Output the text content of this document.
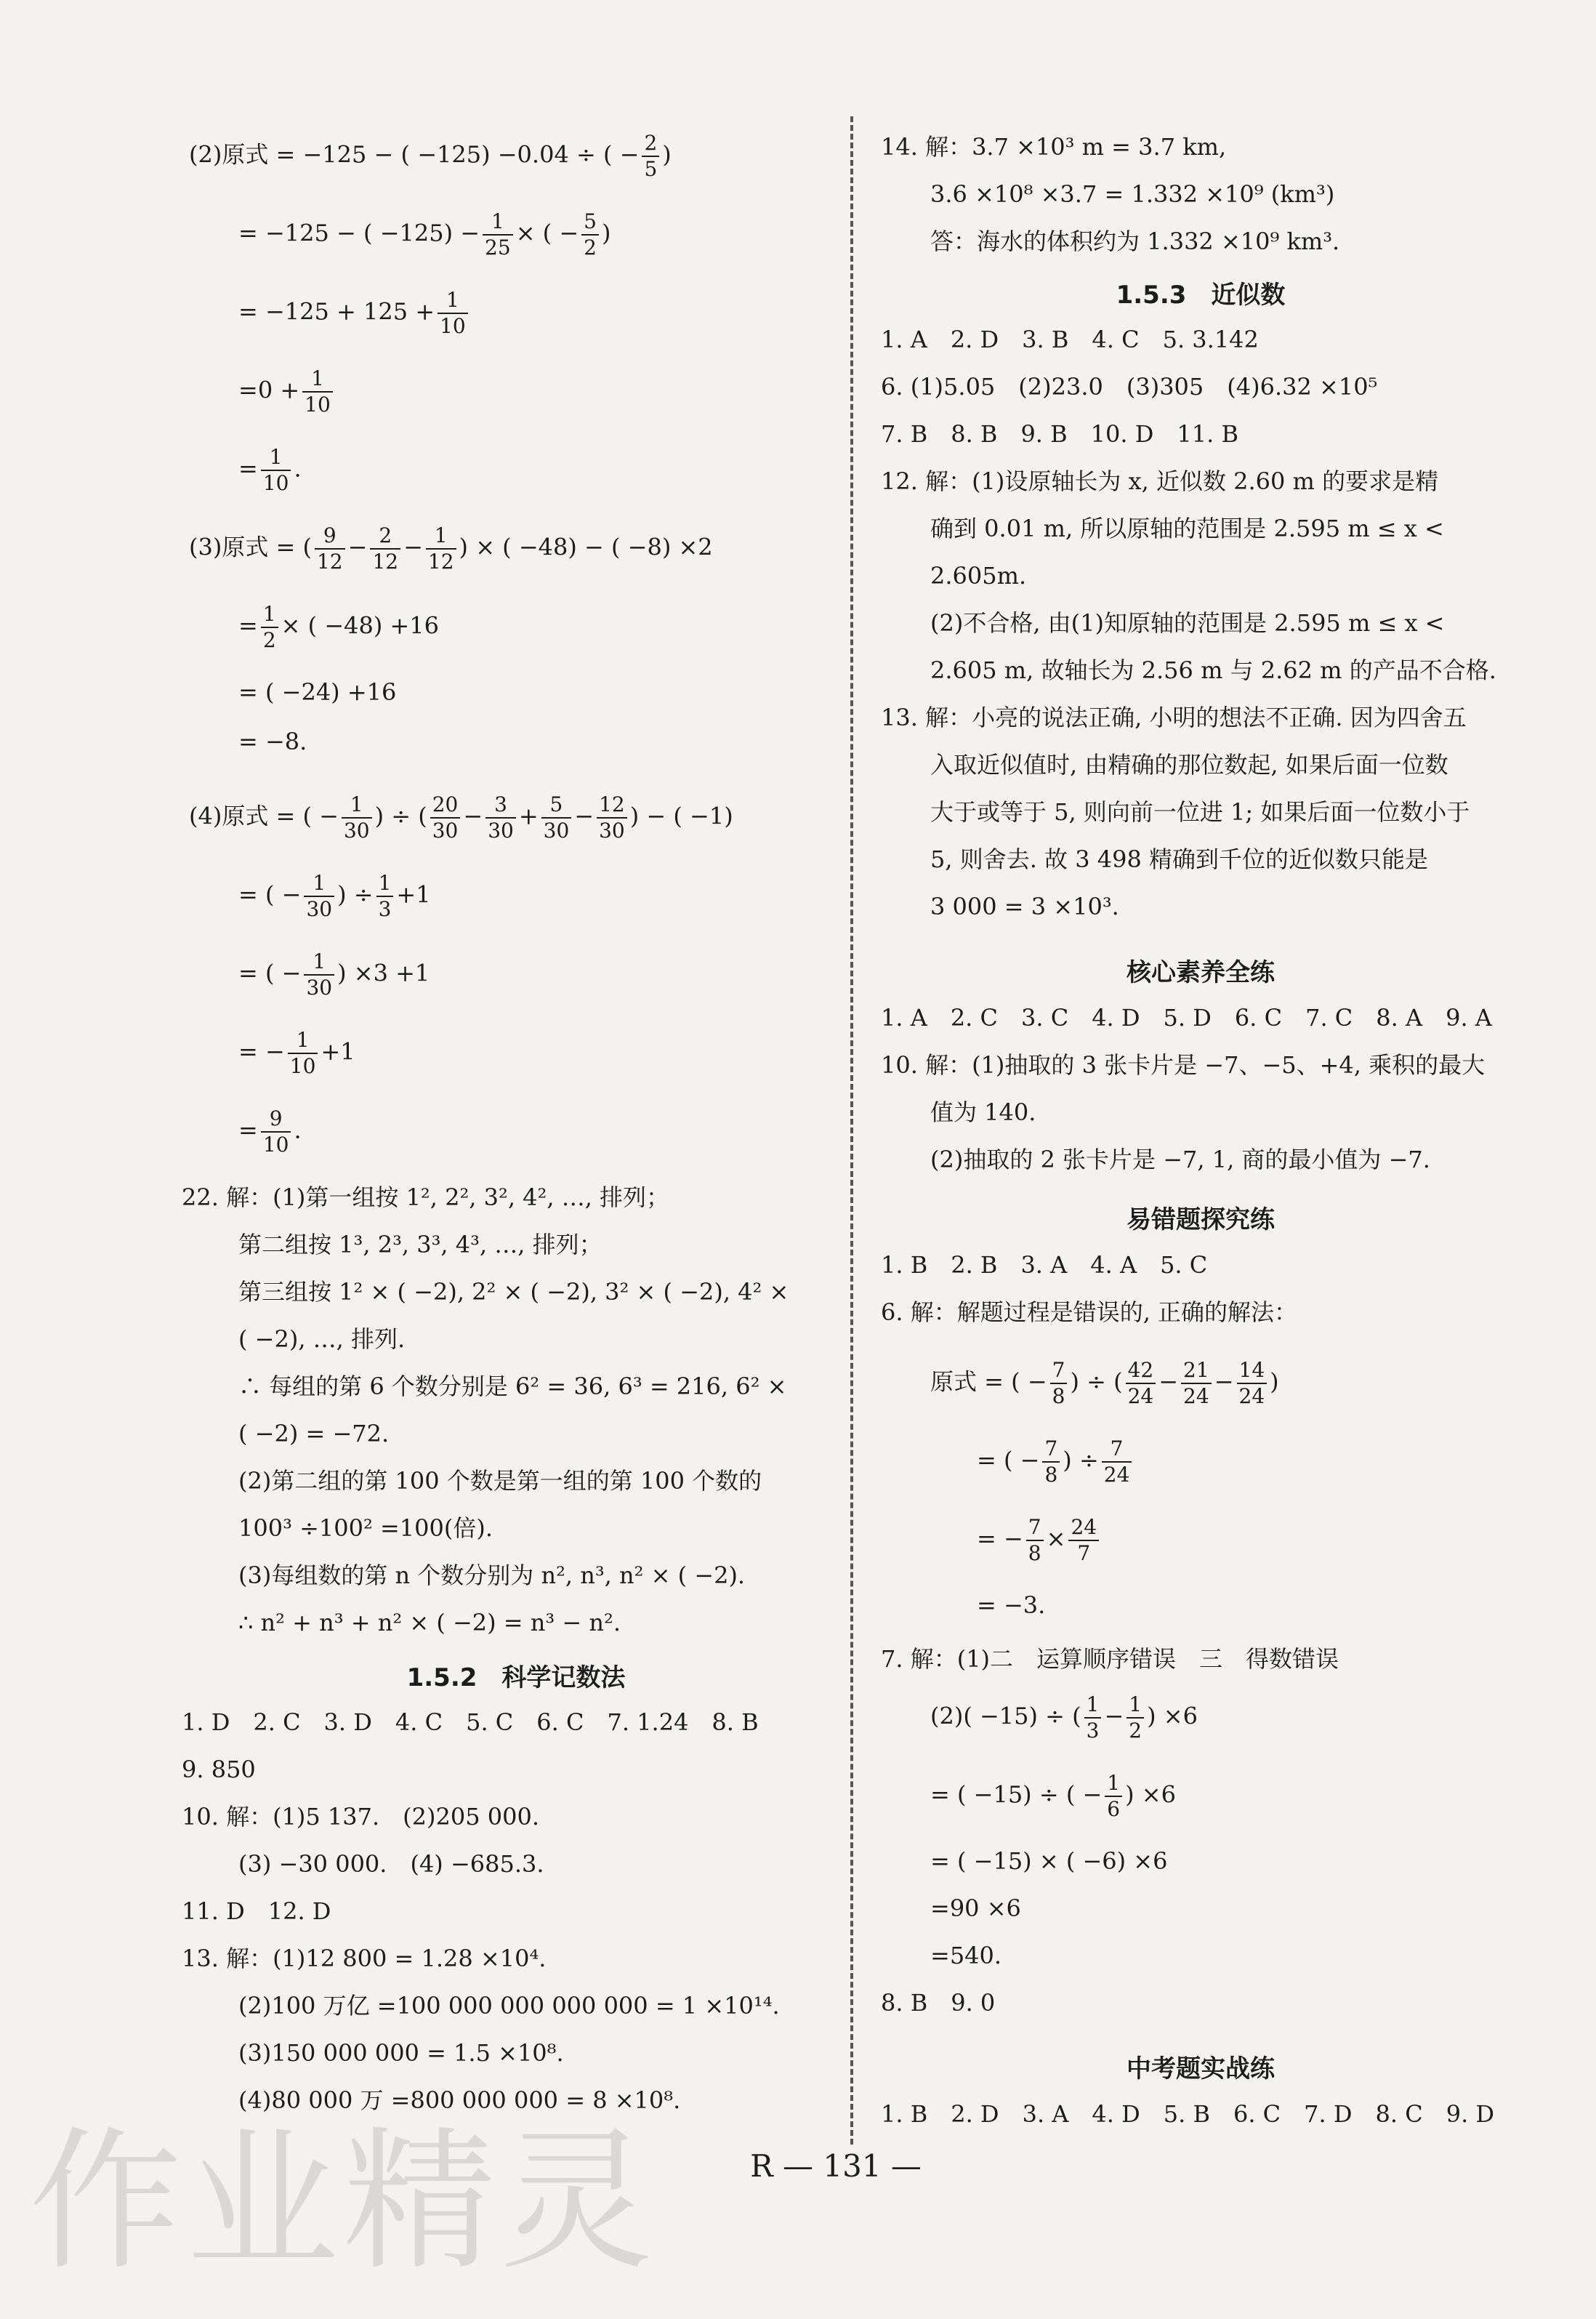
(2)原式 = −125 − ( −125) −0.04 ÷ ( − $\frac{2}{5}$ )
= −125 − ( $-125) - \frac{1}{25}$ × ( − $\frac{5}{2}$ )
= $-125 + 125 + \frac{1}{10}$
$=0 + \frac{1}{10}$
= $\frac{1}{10}$ .
(3)原式 = ( $\frac{9}{12} - \frac{2}{12} - \frac{1}{12}$ ) × ( −48) − ( −8) ×2
= $\frac{1}{2}$ × ( −48) +16
= ( −24) +16
= −8.
(4)原式 = ( − $\frac{1}{30}$ ) ÷ ( $\frac{20}{30} - \frac{3}{30} + \frac{5}{30} - \frac{12}{30}$ ) − ( −1)
= ( − $\frac{1}{30}$ ) ÷ $\frac{1}{3} +1$
= ( − $\frac{1}{30}$ ) ×3 +1
= − $\frac{1}{10} +1$
= $\frac{9}{10}$ .
22. 解：(1)第一组按 1², 2², 3², 4², …, 排列；
第二组按 1³, 2³, 3³, 4³, …, 排列；
第三组按 1² × ( −2), 2² × ( −2), 3² × ( −2), 4² ×
( −2), …, 排列.
∴ 每组的第 6 个数分别是 6² = 36, 6³ = 216, 6² ×
( −2) = −72.
(2)第二组的第 100 个数是第一组的第 100 个数的
100³ ÷100² =100(倍).
(3)每组数的第 n 个数分别为 n², n³, n² × ( −2).
∴ n² + n³ + n² × ( −2) = n³ − n².
1.5.2　科学记数法
1. D　2. C　3. D　4. C　5. C　6. C　7. 1.24　8. B
9. 850
10. 解：(1)5 137.　(2)205 000.
(3) −30 000.　(4) −685.3.
11. D　12. D
13. 解：(1)12 800 = 1.28 ×10⁴.
(2)100 万亿 =100 000 000 000 000 = 1 ×10¹⁴.
(3)150 000 000 = 1.5 ×10⁸.
(4)80 000 万 =800 000 000 = 8 ×10⁸.
14. 解：3.7 ×10³ m = 3.7 km,
3.6 ×10⁸ ×3.7 = 1.332 ×10⁹ (km³)
答：海水的体积约为 1.332 ×10⁹ km³.
1.5.3　近似数
1. A　2. D　3. B　4. C　5. 3.142
6. (1)5.05　(2)23.0　(3)305　(4)6.32 ×10⁵
7. B　8. B　9. B　10. D　11. B
12. 解：(1)设原轴长为 x, 近似数 2.60 m 的要求是精
确到 0.01 m, 所以原轴的范围是 2.595 m ≤ x <
2.605m.
(2)不合格, 由(1)知原轴的范围是 2.595 m ≤ x <
2.605 m, 故轴长为 2.56 m 与 2.62 m 的产品不合格.
13. 解：小亮的说法正确, 小明的想法不正确. 因为四舍五
入取近似值时, 由精确的那位数起, 如果后面一位数
大于或等于 5, 则向前一位进 1; 如果后面一位数小于
5, 则舍去. 故 3 498 精确到千位的近似数只能是
3 000 = 3 ×10³.
核心素养全练
1. A　2. C　3. C　4. D　5. D　6. C　7. C　8. A　9. A
10. 解：(1)抽取的 3 张卡片是 −7、−5、+4, 乘积的最大
值为 140.
(2)抽取的 2 张卡片是 −7, 1, 商的最小值为 −7.
易错题探究练
1. B　2. B　3. A　4. A　5. C
6. 解：解题过程是错误的, 正确的解法：
原式 = ( − $\frac{7}{8}$ ) ÷ ( $\frac{42}{24} - \frac{21}{24} - \frac{14}{24}$ )
= ( − $\frac{7}{8}$ ) ÷ $\frac{7}{24}$
= − $\frac{7}{8} \times \frac{24}{7}$
= −3.
7. 解：(1)二　运算顺序错误　三　得数错误
(2)( −15) ÷ ( $\frac{1}{3} - \frac{1}{2}$ ) ×6
= ( −15) ÷ ( − $\frac{1}{6}$ ) ×6
= ( −15) × ( −6) ×6
=90 ×6
=540.
8. B　9. 0
中考题实战练
1. B　2. D　3. A　4. D　5. B　6. C　7. D　8. C　9. D
R — 131 —
作业精灵
